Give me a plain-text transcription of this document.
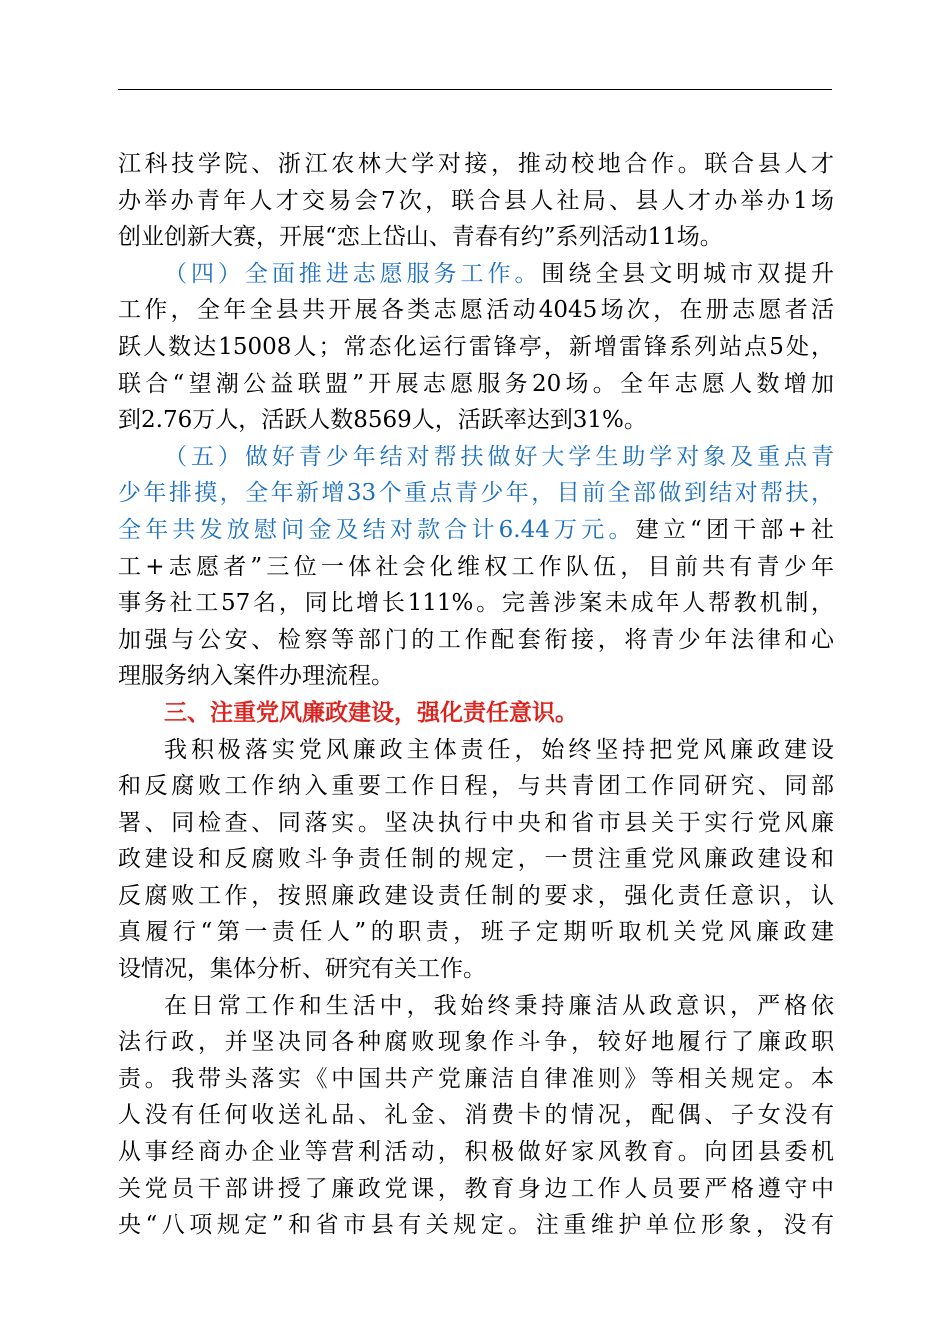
江科技学院、浙江农林大学对接，推动校地合作。联合县人才
办举办青年人才交易会7次，联合县人社局、县人才办举办1场
创业创新大赛，开展“恋上岱山、青春有约”系列活动11场。
（四）全面推进志愿服务工作。围绕全县文明城市双提升
工作，全年全县共开展各类志愿活动4045场次，在册志愿者活
跃人数达15008人；常态化运行雷锋亭，新增雷锋系列站点5处，
联合“望潮公益联盟”开展志愿服务20场。全年志愿人数增加
到2.76万人，活跃人数8569人，活跃率达到31%。
（五）做好青少年结对帮扶做好大学生助学对象及重点青
少年排摸，全年新增33个重点青少年，目前全部做到结对帮扶，
全年共发放慰问金及结对款合计6.44万元。建立“团干部+社
工+志愿者”三位一体社会化维权工作队伍，目前共有青少年
事务社工57名，同比增长111%。完善涉案未成年人帮教机制，
加强与公安、检察等部门的工作配套衔接，将青少年法律和心
理服务纳入案件办理流程。
三、注重党风廉政建设，强化责任意识。
我积极落实党风廉政主体责任，始终坚持把党风廉政建设
和反腐败工作纳入重要工作日程，与共青团工作同研究、同部
署、同检查、同落实。坚决执行中央和省市县关于实行党风廉
政建设和反腐败斗争责任制的规定，一贯注重党风廉政建设和
反腐败工作，按照廉政建设责任制的要求，强化责任意识，认
真履行“第一责任人”的职责，班子定期听取机关党风廉政建
设情况，集体分析、研究有关工作。
在日常工作和生活中，我始终秉持廉洁从政意识，严格依
法行政，并坚决同各种腐败现象作斗争，较好地履行了廉政职
责。我带头落实《中国共产党廉洁自律准则》等相关规定。本
人没有任何收送礼品、礼金、消费卡的情况，配偶、子女没有
从事经商办企业等营利活动，积极做好家风教育。向团县委机
关党员干部讲授了廉政党课，教育身边工作人员要严格遵守中
央“八项规定”和省市县有关规定。注重维护单位形象，没有
